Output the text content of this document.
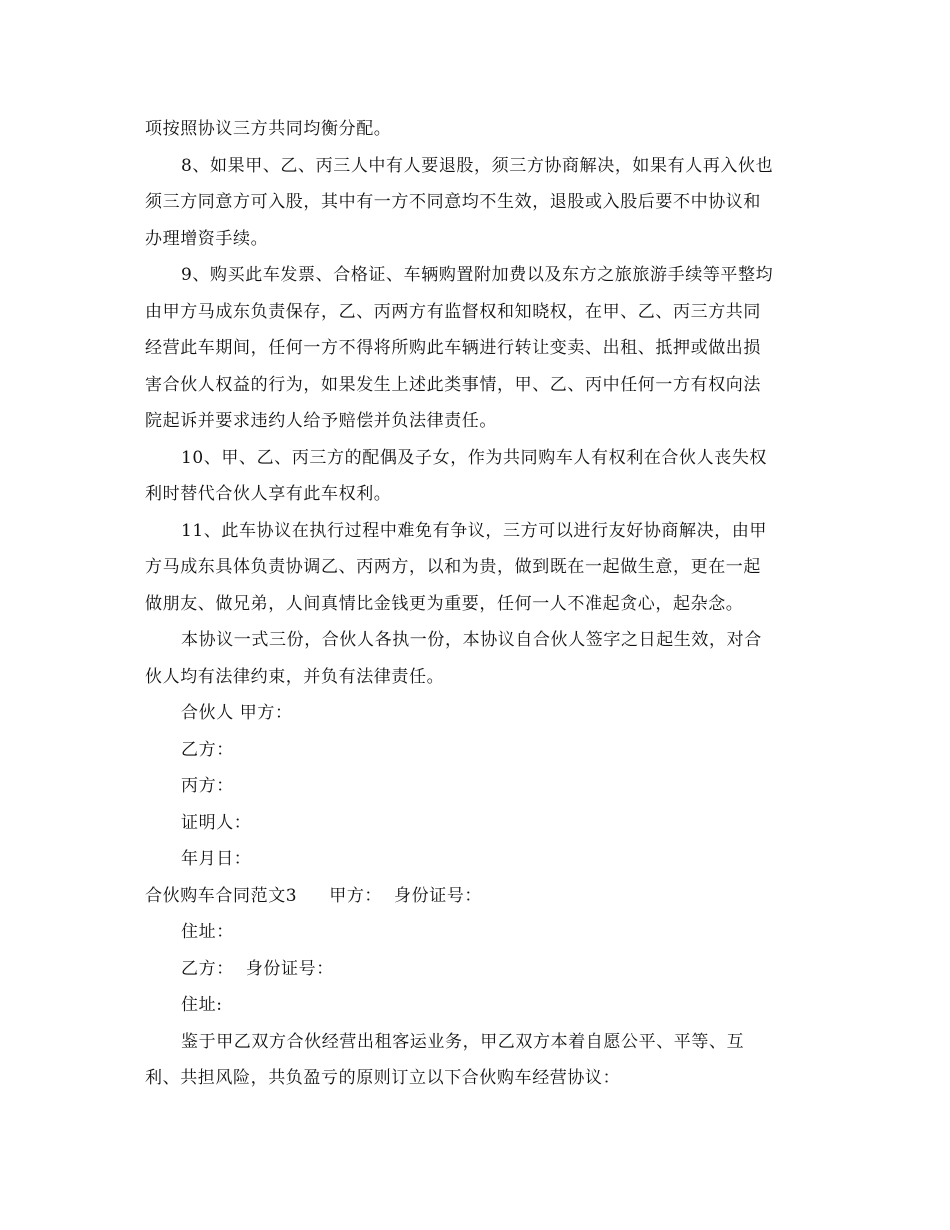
项按照协议三方共同均衡分配。
8、如果甲、乙、丙三人中有人要退股，须三方协商解决，如果有人再入伙也
须三方同意方可入股，其中有一方不同意均不生效，退股或入股后要不中协议和
办理增资手续。
9、购买此车发票、合格证、车辆购置附加费以及东方之旅旅游手续等平整均
由甲方马成东负责保存，乙、丙两方有监督权和知晓权，在甲、乙、丙三方共同
经营此车期间，任何一方不得将所购此车辆进行转让变卖、出租、抵押或做出损
害合伙人权益的行为，如果发生上述此类事情，甲、乙、丙中任何一方有权向法
院起诉并要求违约人给予赔偿并负法律责任。
10、甲、乙、丙三方的配偶及子女，作为共同购车人有权利在合伙人丧失权
利时替代合伙人享有此车权利。
11、此车协议在执行过程中难免有争议，三方可以进行友好协商解决，由甲
方马成东具体负责协调乙、丙两方，以和为贵，做到既在一起做生意，更在一起
做朋友、做兄弟，人间真情比金钱更为重要，任何一人不准起贪心，起杂念。
本协议一式三份，合伙人各执一份，本协议自合伙人签字之日起生效，对合
伙人均有法律约束，并负有法律责任。
合伙人 甲方：
乙方：
丙方：
证明人：
年月日：
合伙购车合同范文3 甲方： 身份证号：
住址：
乙方： 身份证号：
住址:
鉴于甲乙双方合伙经营出租客运业务，甲乙双方本着自愿公平、平等、互
利、共担风险，共负盈亏的原则订立以下合伙购车经营协议：
